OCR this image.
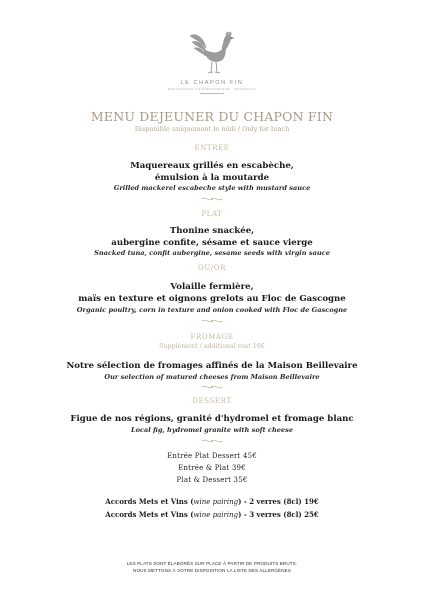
LE CHAPON FIN
RESTAURANT GASTRONOMIQUE · BORDEAUX
MENU DEJEUNER DU CHAPON FIN
Disponible uniquement le midi / Only for lunch
ENTREE
Maquereaux grillés en escabèche,
émulsion à la moutarde
Grilled mackerel escabeche style with mustard sauce
PLAT
Thonine snackée,
aubergine confite, sésame et sauce vierge
Snacked tuna, confit aubergine, sesame seeds with virgin sauce
OU/OR
Volaille fermière,
maïs en texture et oignons grelots au Floc de Gascogne
Organic poultry, corn in texture and onion cooked with Floc de Gascogne
FROMAGE
Supplément / additional cost 16€
Notre sélection de fromages affinés de la Maison Beillevaire
Our selection of matured cheeses from Maison Beillevaire
DESSERT
Figue de nos régions, granité d'hydromel et fromage blanc
Local fig, hydromel granite with soft cheese
Entrée Plat Dessert 45€
Entrée & Plat 39€
Plat & Dessert 35€
Accords Mets et Vins (wine pairing) - 2 verres (8cl) 19€
Accords Mets et Vins (wine pairing) - 3 verres (8cl) 25€
LES PLATS SONT ÉLABORÉS SUR PLACE À PARTIR DE PRODUITS BRUTS.
NOUS METTONS À VOTRE DISPOSITION LA LISTE DES ALLERGÈNES
